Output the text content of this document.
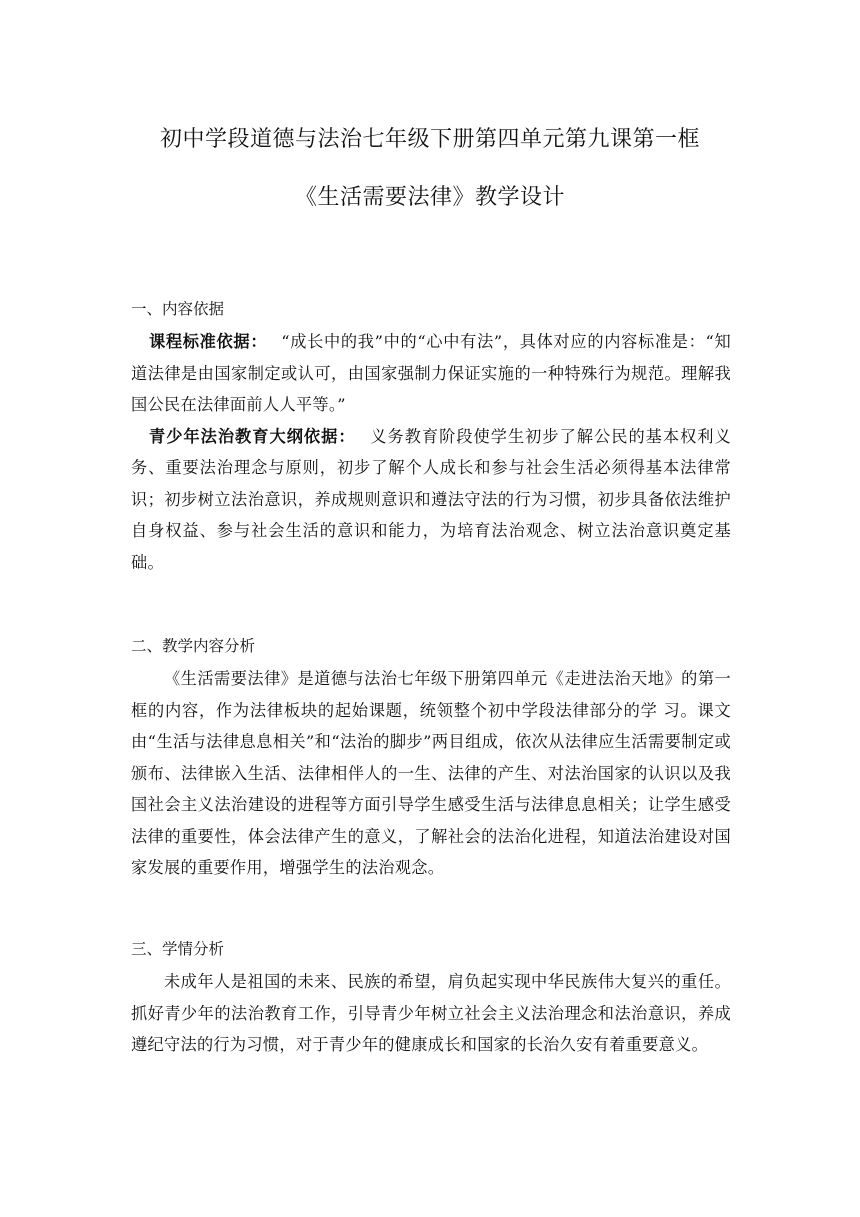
初中学段道德与法治七年级下册第四单元第九课第一框
《生活需要法律》教学设计
一、内容依据

课程标准依据： “成长中的我”中的“心中有法”，具体对应的内容标准是：“知道法律是由国家制定或认可，由国家强制力保证实施的一种特殊行为规范。理解我国公民在法律面前人人平等。”

青少年法治教育大纲依据： 义务教育阶段使学生初步了解公民的基本权利义务、重要法治理念与原则，初步了解个人成长和参与社会生活必须得基本法律常识；初步树立法治意识，养成规则意识和遵法守法的行为习惯，初步具备依法维护自身权益、参与社会生活的意识和能力，为培育法治观念、树立法治意识奠定基础。

二、教学内容分析

《生活需要法律》是道德与法治七年级下册第四单元《走进法治天地》的第一框的内容，作为法律板块的起始课题，统领整个初中学段法律部分的学 习。课文由“生活与法律息息相关”和“法治的脚步”两目组成，依次从法律应生活需要制定或颁布、法律嵌入生活、法律相伴人的一生、法律的产生、对法治国家的认识以及我国社会主义法治建设的进程等方面引导学生感受生活与法律息息相关；让学生感受法律的重要性，体会法律产生的意义，了解社会的法治化进程，知道法治建设对国家发展的重要作用，增强学生的法治观念。

三、学情分析

未成年人是祖国的未来、民族的希望，肩负起实现中华民族伟大复兴的重任。抓好青少年的法治教育工作，引导青少年树立社会主义法治理念和法治意识，养成遵纪守法的行为习惯，对于青少年的健康成长和国家的长治久安有着重要意义。
